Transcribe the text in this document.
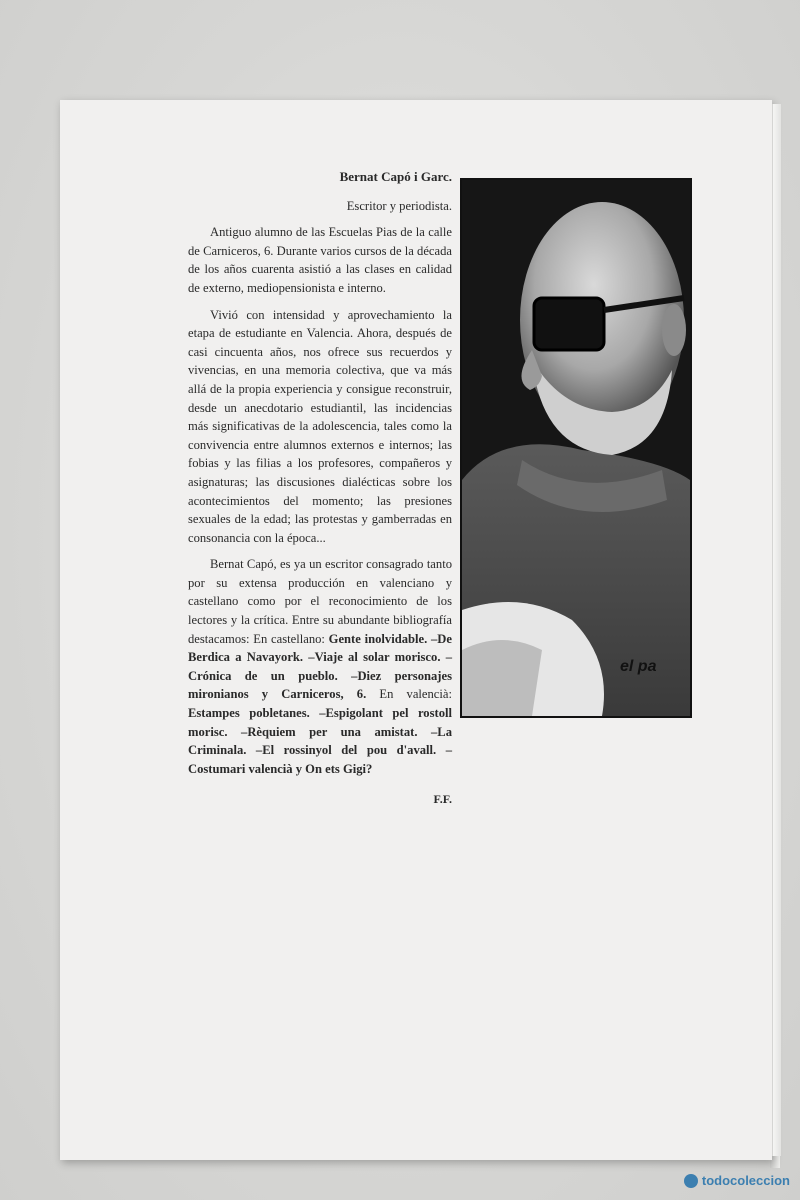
Bernat Capó i Garc.

Escritor y periodista.

Antiguo alumno de las Escuelas Pias de la calle de Carniceros, 6. Durante varios cursos de la década de los años cuarenta asistió a las clases en calidad de externo, mediopensionista e interno.

Vivió con intensidad y aprovechamiento la etapa de estudiante en Valencia. Ahora, después de casi cincuenta años, nos ofrece sus recuerdos y vivencias, en una memoria colectiva, que va más allá de la propia experiencia y consigue reconstruir, desde un anecdotario estudiantil, las incidencias más significativas de la adolescencia, tales como la convivencia entre alumnos externos e internos; las fobias y las filias a los profesores, compañeros y asignaturas; las discusiones dialécticas sobre los acontecimientos del momento; las presiones sexuales de la edad; las protestas y gamberradas en consonancia con la época...

Bernat Capó, es ya un escritor consagrado tanto por su extensa producción en valenciano y castellano como por el reconocimiento de los lectores y la crítica. Entre su abundante bibliografía destacamos: En castellano: Gente inolvidable. –De Berdica a Navayork. –Viaje al solar morisco. –Crónica de un pueblo. –Diez personajes mironianos y Carniceros, 6. En valencià: Estampes pobletanes. –Espigolant pel rostoll morisc. –Rèquiem per una amistat. –La Criminala. –El rossinyol del pou d'avall. –Costumari valencià y On ets Gigi?

F.F.

el pa
todocoleccion
